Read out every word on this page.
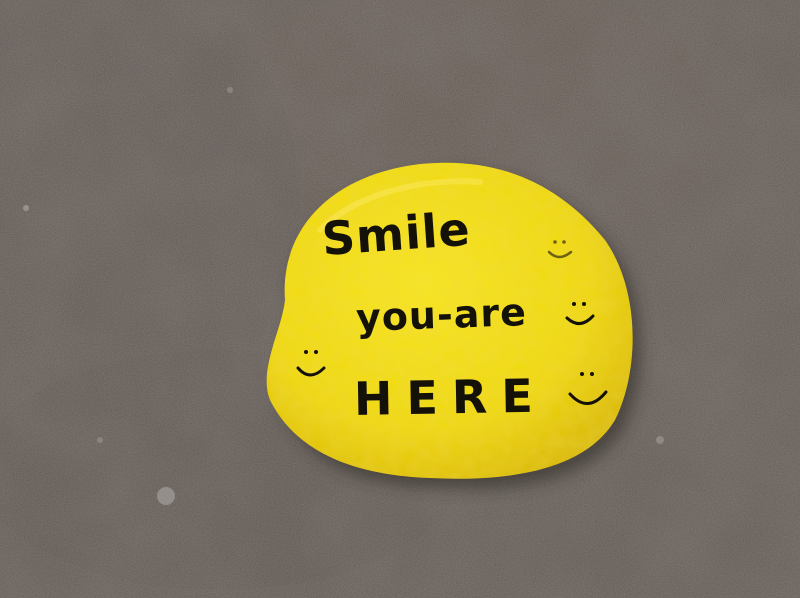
Smile
you-are
HERE
